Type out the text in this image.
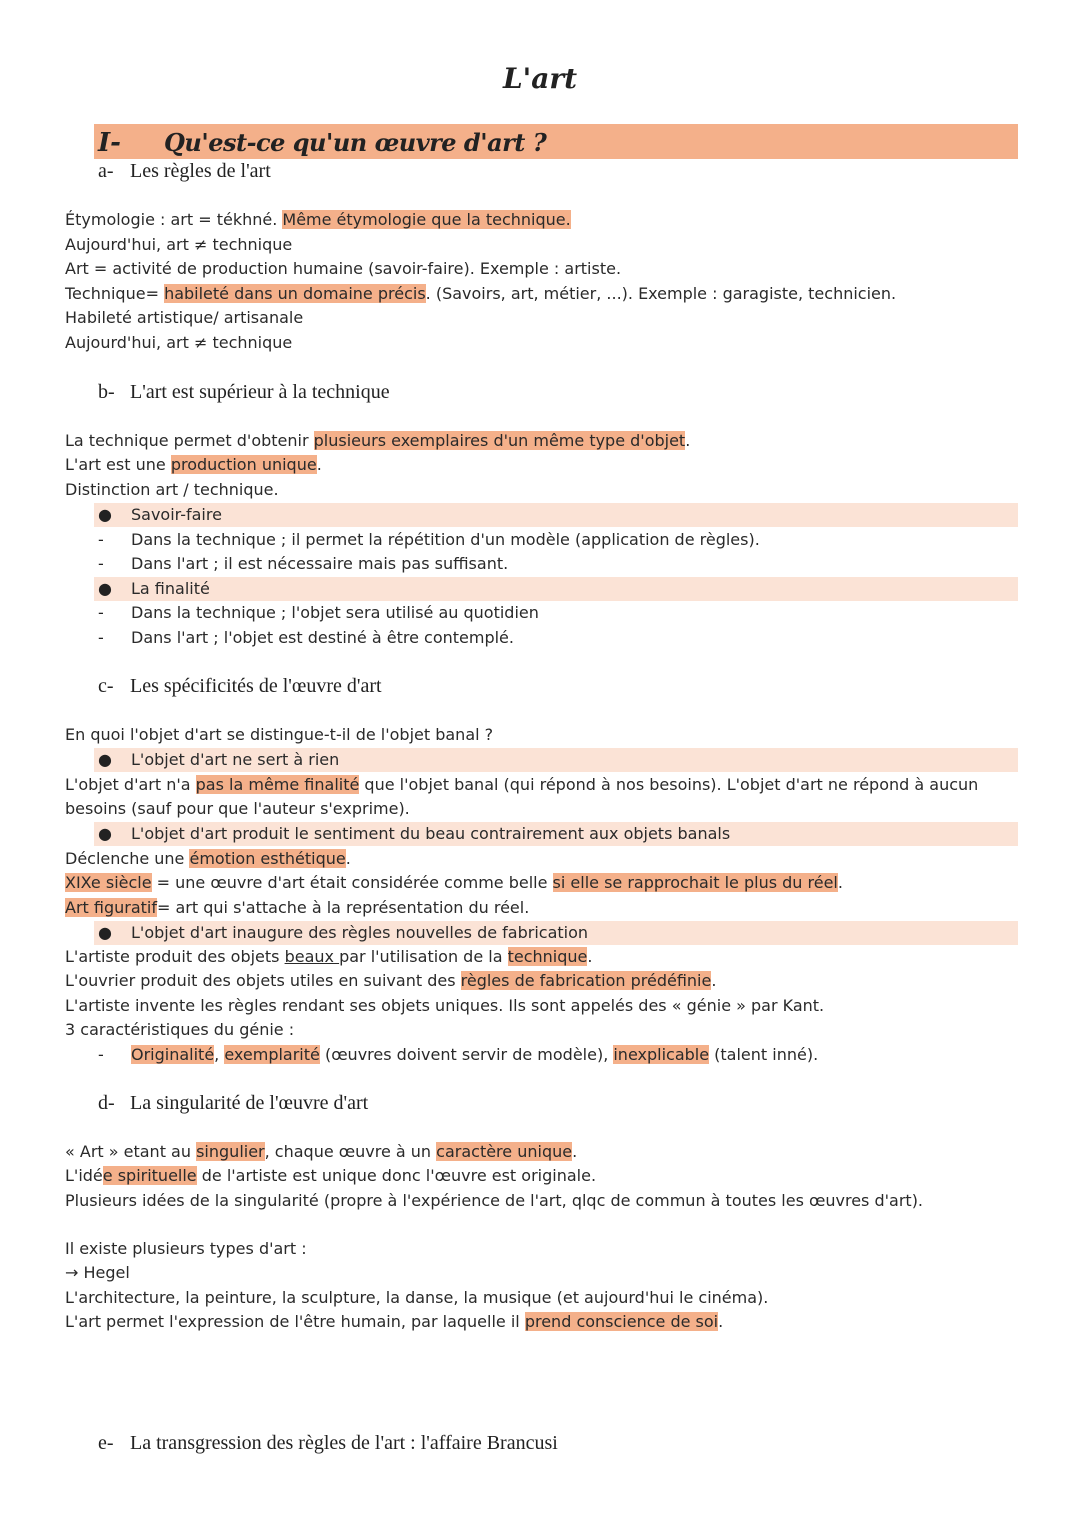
L'art
I- Qu'est-ce qu'un œuvre d'art ?
a- Les règles de l'art
Étymologie : art = tékhné. Même étymologie que la technique.
Aujourd'hui, art ≠ technique
Art = activité de production humaine (savoir-faire). Exemple : artiste.
Technique= habileté dans un domaine précis. (Savoirs, art, métier, ...). Exemple : garagiste, technicien.
Habileté artistique/ artisanale
Aujourd'hui, art ≠ technique
b- L'art est supérieur à la technique
La technique permet d'obtenir plusieurs exemplaires d'un même type d'objet.
L'art est une production unique.
Distinction art / technique.
● Savoir-faire
- Dans la technique ; il permet la répétition d'un modèle (application de règles).
- Dans l'art ; il est nécessaire mais pas suffisant.
● La finalité
- Dans la technique ; l'objet sera utilisé au quotidien
- Dans l'art ; l'objet est destiné à être contemplé.
c- Les spécificités de l'œuvre d'art
En quoi l'objet d'art se distingue-t-il de l'objet banal ?
● L'objet d'art ne sert à rien
L'objet d'art n'a pas la même finalité que l'objet banal (qui répond à nos besoins). L'objet d'art ne répond à aucun
besoins (sauf pour que l'auteur s'exprime).
● L'objet d'art produit le sentiment du beau contrairement aux objets banals
Déclenche une émotion esthétique.
XIXe siècle = une œuvre d'art était considérée comme belle si elle se rapprochait le plus du réel.
Art figuratif= art qui s'attache à la représentation du réel.
● L'objet d'art inaugure des règles nouvelles de fabrication
L'artiste produit des objets beaux par l'utilisation de la technique.
L'ouvrier produit des objets utiles en suivant des règles de fabrication prédéfinie.
L'artiste invente les règles rendant ses objets uniques. Ils sont appelés des « génie » par Kant.
3 caractéristiques du génie :
- Originalité, exemplarité (œuvres doivent servir de modèle), inexplicable (talent inné).
d- La singularité de l'œuvre d'art
« Art » etant au singulier, chaque œuvre à un caractère unique.
L'idée spirituelle de l'artiste est unique donc l'œuvre est originale.
Plusieurs idées de la singularité (propre à l'expérience de l'art, qlqc de commun à toutes les œuvres d'art).
Il existe plusieurs types d'art :
→ Hegel
L'architecture, la peinture, la sculpture, la danse, la musique (et aujourd'hui le cinéma).
L'art permet l'expression de l'être humain, par laquelle il prend conscience de soi.
e- La transgression des règles de l'art : l'affaire Brancusi
